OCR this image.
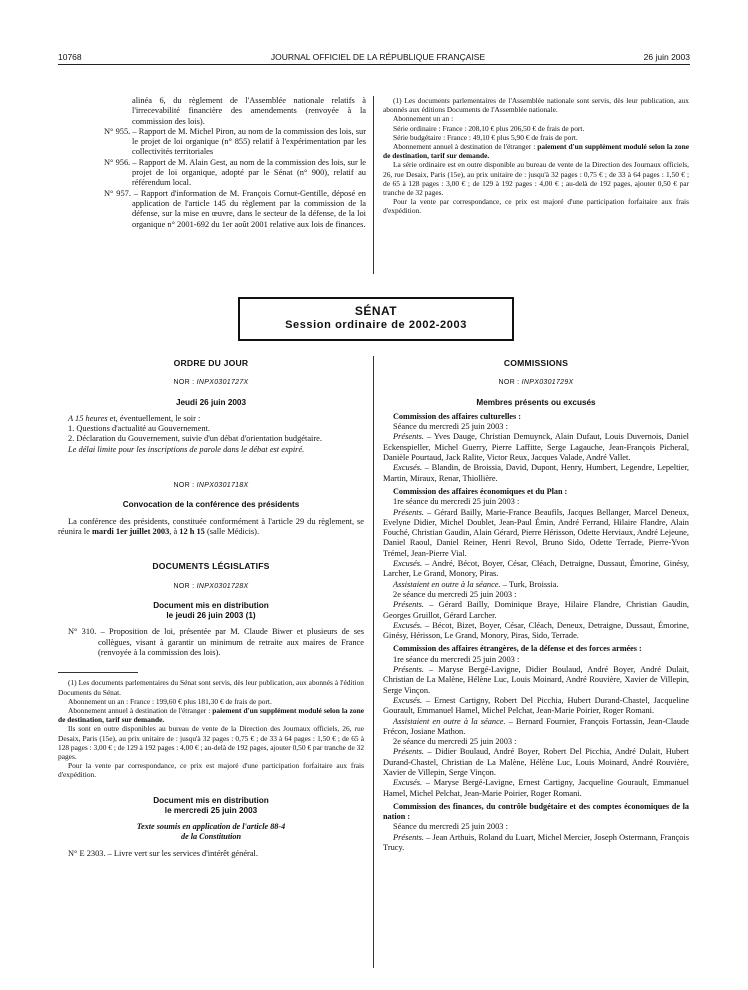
10768	JOURNAL OFFICIEL DE LA RÉPUBLIQUE FRANÇAISE	26 juin 2003

alinéa 6, du règlement de l'Assemblée nationale relatifs à l'irrecevabilité financière des amendements (renvoyée à la commission des lois).

N° 955. – Rapport de M. Michel Piron, au nom de la commission des lois, sur le projet de loi organique (n° 855) relatif à l'expérimentation par les collectivités territoriales

N° 956. – Rapport de M. Alain Gest, au nom de la commission des lois, sur le projet de loi organique, adopté par le Sénat (n° 900), relatif au référendum local.

N° 957. – Rapport d'information de M. François Cornut-Gentille, déposé en application de l'article 145 du règlement par la commission de la défense, sur la mise en œuvre, dans le secteur de la défense, de la loi organique n° 2001-692 du 1er août 2001 relative aux lois de finances.

(1) Les documents parlementaires de l'Assemblée nationale sont servis, dès leur publication, aux abonnés aux éditions Documents de l'Assemblée nationale.

Abonnement un an :

Série ordinaire : France : 208,10 € plus 206,50 € de frais de port.

Série budgétaire : France : 49,10 € plus 5,90 € de frais de port.

Abonnement annuel à destination de l'étranger : paiement d'un supplément modulé selon la zone de destination, tarif sur demande.

La série ordinaire est en outre disponible au bureau de vente de la Direction des Journaux officiels, 26, rue Desaix, Paris (15e), au prix unitaire de : jusqu'à 32 pages : 0,75 € ; de 33 à 64 pages : 1,50 € ; de 65 à 128 pages : 3,00 € ; de 129 à 192 pages : 4,00 € ; au-delà de 192 pages, ajouter 0,50 € par tranche de 32 pages.

Pour la vente par correspondance, ce prix est majoré d'une participation forfaitaire aux frais d'expédition.

SÉNAT
Session ordinaire de 2002-2003
ORDRE DU JOUR
NOR : INPX0301727X
Jeudi 26 juin 2003

A 15 heures et, éventuellement, le soir :

1. Questions d'actualité au Gouvernement.

2. Déclaration du Gouvernement, suivie d'un débat d'orientation budgétaire.

Le délai limite pour les inscriptions de parole dans le débat est expiré.

NOR : INPX0301718X
Convocation de la conférence des présidents

La conférence des présidents, constituée conformément à l'article 29 du règlement, se réunira le mardi 1er juillet 2003, à 12 h 15 (salle Médicis).

DOCUMENTS LÉGISLATIFS
NOR : INPX0301728X
Document mis en distribution
le jeudi 26 juin 2003 (1)

N° 310. – Proposition de loi, présentée par M. Claude Biwer et plusieurs de ses collègues, visant à garantir un minimum de retraite aux maires de France (renvoyée à la commission des lois).

(1) Les documents parlementaires du Sénat sont servis, dès leur publication, aux abonnés à l'édition Documents du Sénat.

Abonnement un an : France : 199,60 € plus 181,30 € de frais de port.

Abonnement annuel à destination de l'étranger : paiement d'un supplément modulé selon la zone de destination, tarif sur demande.

Ils sont en outre disponibles au bureau de vente de la Direction des Journaux officiels, 26, rue Desaix, Paris (15e), au prix unitaire de : jusqu'à 32 pages : 0,75 € ; de 33 à 64 pages : 1,50 € ; de 65 à 128 pages : 3,00 € ; de 129 à 192 pages : 4,00 € ; au-delà de 192 pages, ajouter 0,50 € par tranche de 32 pages.

Pour la vente par correspondance, ce prix est majoré d'une participation forfaitaire aux frais d'expédition.

Document mis en distribution
le mercredi 25 juin 2003
Texte soumis en application de l'article 88-4
de la Constitution

N° E 2303. – Livre vert sur les services d'intérêt général.

COMMISSIONS
NOR : INPX0301729X
Membres présents ou excusés

Commission des affaires culturelles :

Séance du mercredi 25 juin 2003 :

Présents. – Yves Dauge, Christian Demuynck, Alain Dufaut, Louis Duvernois, Daniel Eckenspieller, Michel Guerry, Pierre Laffitte, Serge Lagauche, Jean-François Picheral, Danièle Pourtaud, Jack Ralite, Victor Reux, Jacques Valade, André Vallet.

Excusés. – Blandin, de Broissia, David, Dupont, Henry, Humbert, Legendre, Lepeltier, Martin, Miraux, Renar, Thiollière.

Commission des affaires économiques et du Plan :

1re séance du mercredi 25 juin 2003 :

Présents. – Gérard Bailly, Marie-France Beaufils, Jacques Bellanger, Marcel Deneux, Evelyne Didier, Michel Doublet, Jean-Paul Émin, André Ferrand, Hilaire Flandre, Alain Fouché, Christian Gaudin, Alain Gérard, Pierre Hérisson, Odette Herviaux, André Lejeune, Daniel Raoul, Daniel Reiner, Henri Revol, Bruno Sido, Odette Terrade, Pierre-Yvon Trémel, Jean-Pierre Vial.

Excusés. – André, Bécot, Boyer, César, Cléach, Detraigne, Dussaut, Émorine, Ginésy, Larcher, Le Grand, Monory, Piras.

Assistaient en outre à la séance. – Turk, Broissia.

2e séance du mercredi 25 juin 2003 :

Présents. – Gérard Bailly, Dominique Braye, Hilaire Flandre, Christian Gaudin, Georges Gruillot, Gérard Larcher.

Excusés. – Bécot, Bizet, Boyer, César, Cléach, Deneux, Detraigne, Dussaut, Émorine, Ginésy, Hérisson, Le Grand, Monory, Piras, Sido, Terrade.

Commission des affaires étrangères, de la défense et des forces armées :

1re séance du mercredi 25 juin 2003 :

Présents. – Maryse Bergé-Lavigne, Didier Boulaud, André Boyer, André Dulait, Christian de La Malène, Hélène Luc, Louis Moinard, André Rouvière, Xavier de Villepin, Serge Vinçon.

Excusés. – Ernest Cartigny, Robert Del Picchia, Hubert Durand-Chastel, Jacqueline Gourault, Emmanuel Hamel, Michel Pelchat, Jean-Marie Poirier, Roger Romani.

Assistaient en outre à la séance. – Bernard Fournier, François Fortassin, Jean-Claude Frécon, Josiane Mathon.

2e séance du mercredi 25 juin 2003 :

Présents. – Didier Boulaud, André Boyer, Robert Del Picchia, André Dulait, Hubert Durand-Chastel, Christian de La Malène, Hélène Luc, Louis Moinard, André Rouvière, Xavier de Villepin, Serge Vinçon.

Excusés. – Maryse Bergé-Lavigne, Ernest Cartigny, Jacqueline Gourault, Emmanuel Hamel, Michel Pelchat, Jean-Marie Poirier, Roger Romani.

Commission des finances, du contrôle budgétaire et des comptes économiques de la nation :

Séance du mercredi 25 juin 2003 :

Présents. – Jean Arthuis, Roland du Luart, Michel Mercier, Joseph Ostermann, François Trucy.
